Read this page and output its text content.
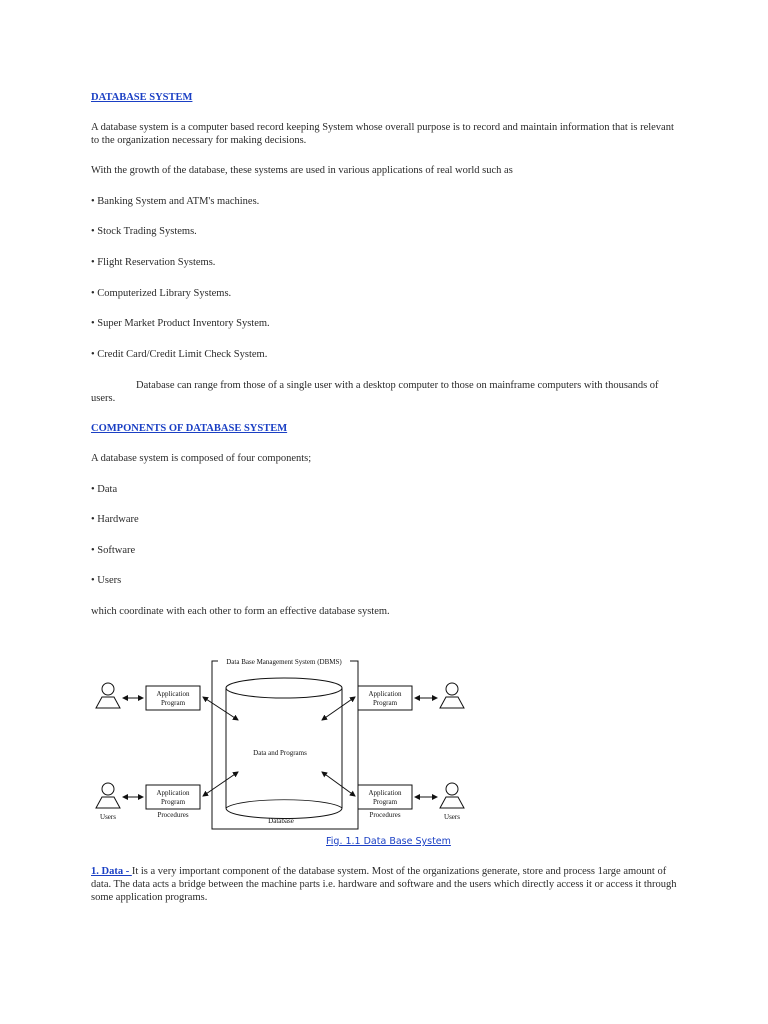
DATABASE SYSTEM
A database system is a computer based record keeping System whose overall purpose is to record and maintain information that is relevant to the organization necessary for making decisions.
With the growth of the database, these systems are used in various applications of real world such as
• Banking System and ATM's machines.
• Stock Trading Systems.
• Flight Reservation Systems.
• Computerized Library Systems.
• Super Market Product Inventory System.
• Credit Card/Credit Limit Check System.
Database can range from those of a single user with a desktop computer to those on mainframe computers with thousands of users.
COMPONENTS OF DATABASE SYSTEM
A database system is composed of four components;
• Data
• Hardware
• Software
• Users
which coordinate with each other to form an effective database system.
Data Base Management System (DBMS)
Data and Programs
Database
Application
Program
Application
Program
Application
Program
Application
Program
Users	Procedures	Procedures	Users
Fig. 1.1 Data Base System
1. Data - It is a very important component of the database system. Most of the organizations generate, store and process 1arge amount of data. The data acts a bridge between the machine parts i.e. hardware and software and the users which directly access it or access it through some application programs.
